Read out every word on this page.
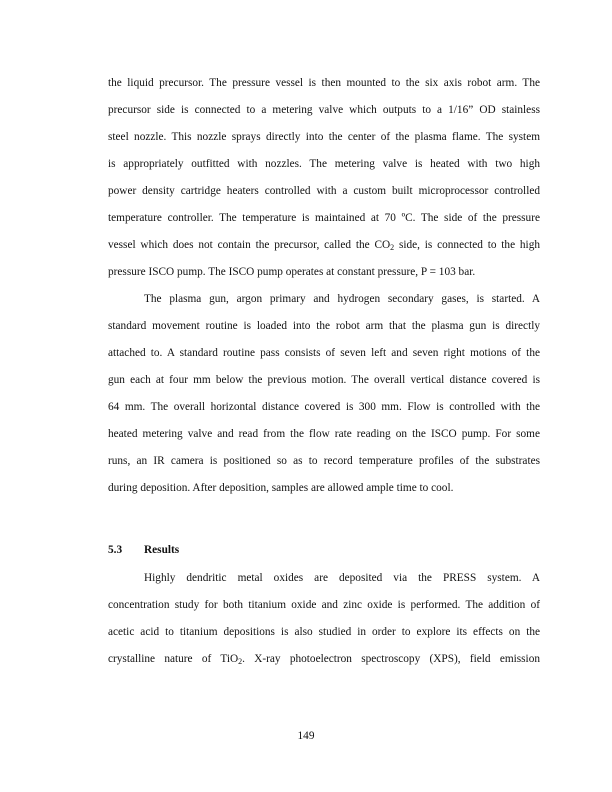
the liquid precursor. The pressure vessel is then mounted to the six axis robot arm. The
precursor side is connected to a metering valve which outputs to a 1/16” OD stainless
steel nozzle. This nozzle sprays directly into the center of the plasma flame. The system
is appropriately outfitted with nozzles. The metering valve is heated with two high
power density cartridge heaters controlled with a custom built microprocessor controlled
temperature controller. The temperature is maintained at 70 ºC. The side of the pressure
vessel which does not contain the precursor, called the $CO_2$ side, is connected to the high
pressure ISCO pump. The ISCO pump operates at constant pressure, P = 103 bar.
The plasma gun, argon primary and hydrogen secondary gases, is started. A
standard movement routine is loaded into the robot arm that the plasma gun is directly
attached to. A standard routine pass consists of seven left and seven right motions of the
gun each at four mm below the previous motion. The overall vertical distance covered is
64 mm. The overall horizontal distance covered is 300 mm. Flow is controlled with the
heated metering valve and read from the flow rate reading on the ISCO pump. For some
runs, an IR camera is positioned so as to record temperature profiles of the substrates
during deposition. After deposition, samples are allowed ample time to cool.
5.3 Results
Highly dendritic metal oxides are deposited via the PRESS system. A
concentration study for both titanium oxide and zinc oxide is performed. The addition of
acetic acid to titanium depositions is also studied in order to explore its effects on the
crystalline nature of TiO$_2$. X-ray photoelectron spectroscopy (XPS), field emission
149
